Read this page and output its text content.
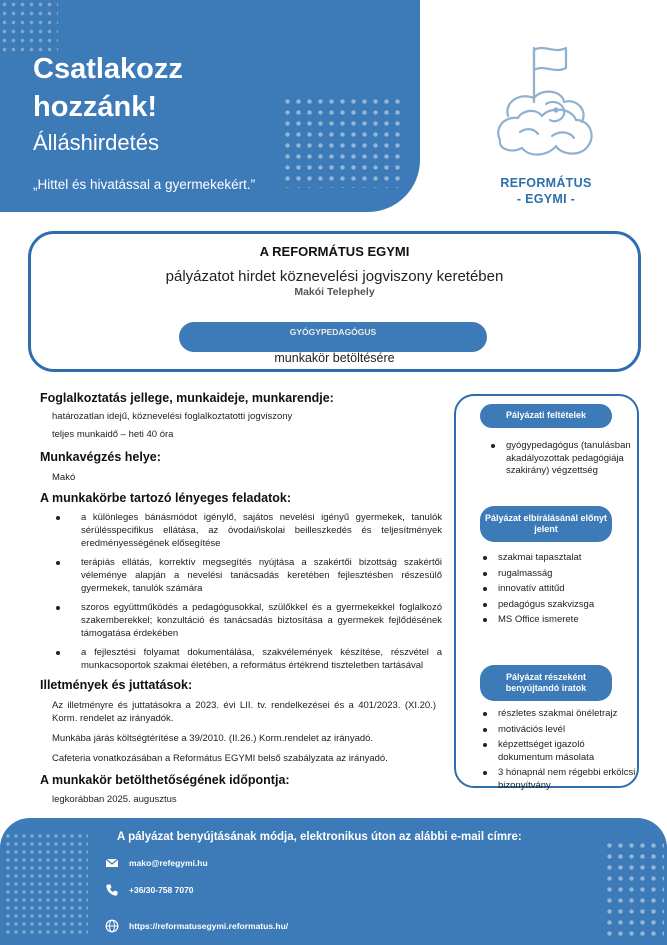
Csatlakozz
hozzánk!
Álláshirdetés
„Hittel és hivatással a gyermekekért.”	REFORMÁTUS
- EGYMI -
A REFORMÁTUS EGYMI
pályázatot hirdet köznevelési jogviszony keretében
Makói Telephely
GYÓGYPEDAGÓGUS
munkakör betöltésére
Foglalkoztatás jellege, munkaideje, munkarendje:
határozatlan idejű, köznevelési foglalkoztatotti jogviszony
teljes munkaidő – heti 40 óra
Munkavégzés helye:
Makó
A munkakörbe tartozó lényeges feladatok:
a különleges bánásmódot igénylő, sajátos nevelési igényű gyermekek, tanulók sérülésspecifikus ellátása, az óvodai/iskolai beilleszkedés és teljesítmények eredményességének elősegítése
terápiás ellátás, korrektív megsegítés nyújtása a szakértői bizottság szakértői véleménye alapján a nevelési tanácsadás keretében fejlesztésben részesülő gyermekek, tanulók számára
szoros együttműködés a pedagógusokkal, szülőkkel és a gyermekekkel foglalkozó szakemberekkel; konzultáció és tanácsadás biztosítása a gyermekek fejlődésének támogatása érdekében
a fejlesztési folyamat dokumentálása, szakvélemények készítése, részvétel a munkacsoportok szakmai életében, a református értékrend tiszteletben tartásával
Illetmények és juttatások:
Az illetményre és juttatásokra a 2023. évi LII. tv. rendelkezései és a 401/2023. (XI.20.) Korm. rendelet az irányadók.
Munkába járás költségtérítése a 39/2010. (II.26.) Korm.rendelet az irányadó.
Cafeteria vonatkozásában a Református EGYMI belső szabályzata az irányadó.
A munkakör betölthetőségének időpontja:
legkorábban 2025. augusztus
Pályázati feltételek
gyógypedagógus (tanulásban akadályozottak pedagógiája szakirány) végzettség
Pályázat elbírálásánál előnyt jelent
szakmai tapasztalat
rugalmasság
innovatív attitűd
pedagógus szakvizsga
MS Office ismerete
Pályázat részeként benyújtandó iratok
részletes szakmai önéletrajz
motivációs levél
képzettséget igazoló dokumentum másolata
3 hónapnál nem régebbi erkölcsi bizonyítvány
A pályázat benyújtásának módja, elektronikus úton az alábbi e-mail címre:
mako@refegymi.hu
+36/30-758 7070
https://reformatusegymi.reformatus.hu/
